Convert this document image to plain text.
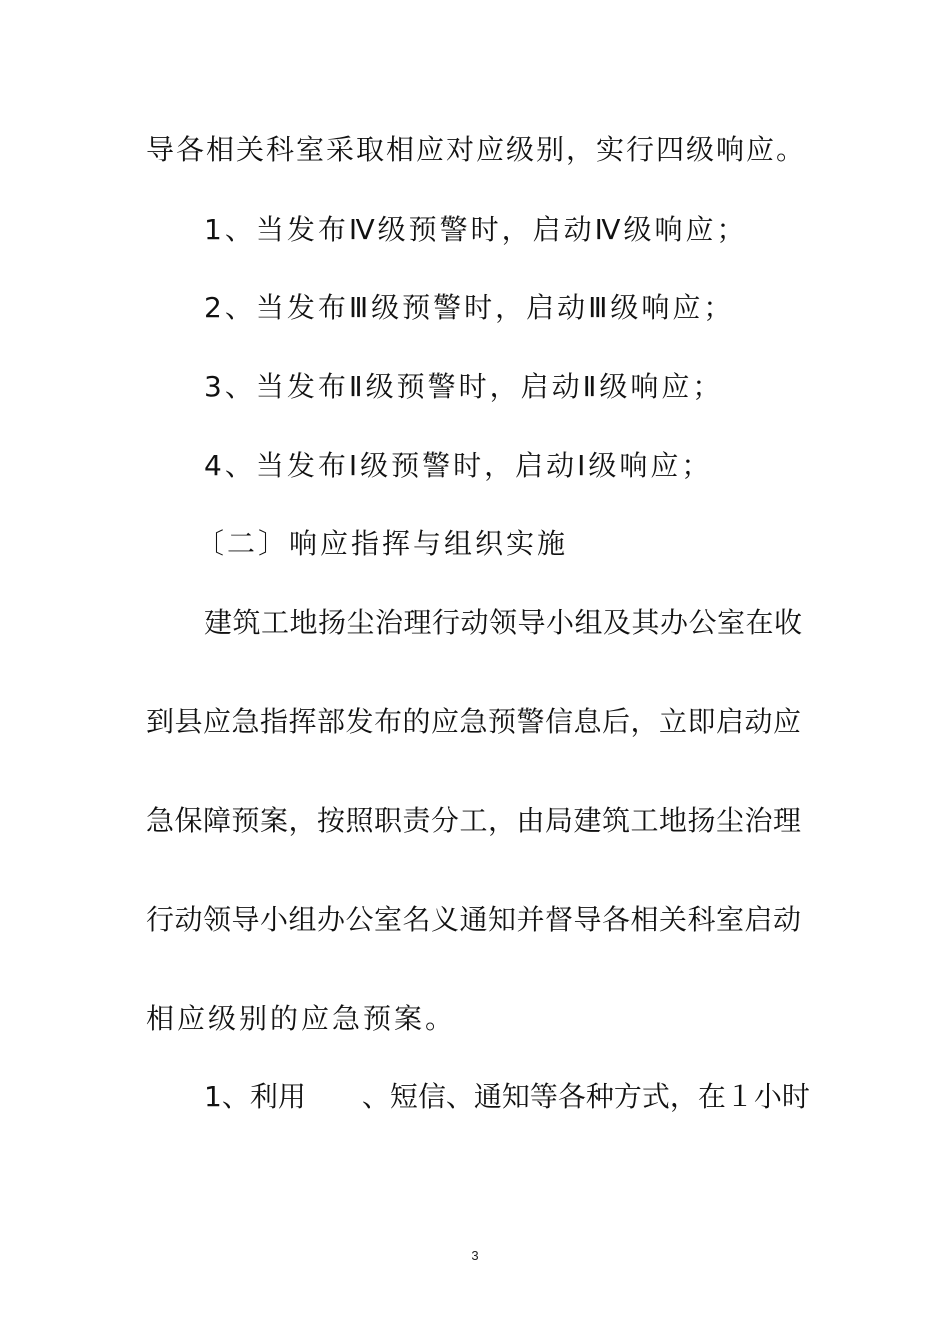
导各相关科室采取相应对应级别，实行四级响应。
1、当发布Ⅳ级预警时，启动Ⅳ级响应；
2、当发布Ⅲ级预警时，启动Ⅲ级响应；
3、当发布Ⅱ级预警时，启动Ⅱ级响应；
4、当发布Ⅰ级预警时，启动Ⅰ级响应；
〔二〕响应指挥与组织实施
建筑工地扬尘治理行动领导小组及其办公室在收
到县应急指挥部发布的应急预警信息后，立即启动应
急保障预案，按照职责分工，由局建筑工地扬尘治理
行动领导小组办公室名义通知并督导各相关科室启动
相应级别的应急预案。
1、利用　　、短信、通知等各种方式，在１小时
3
